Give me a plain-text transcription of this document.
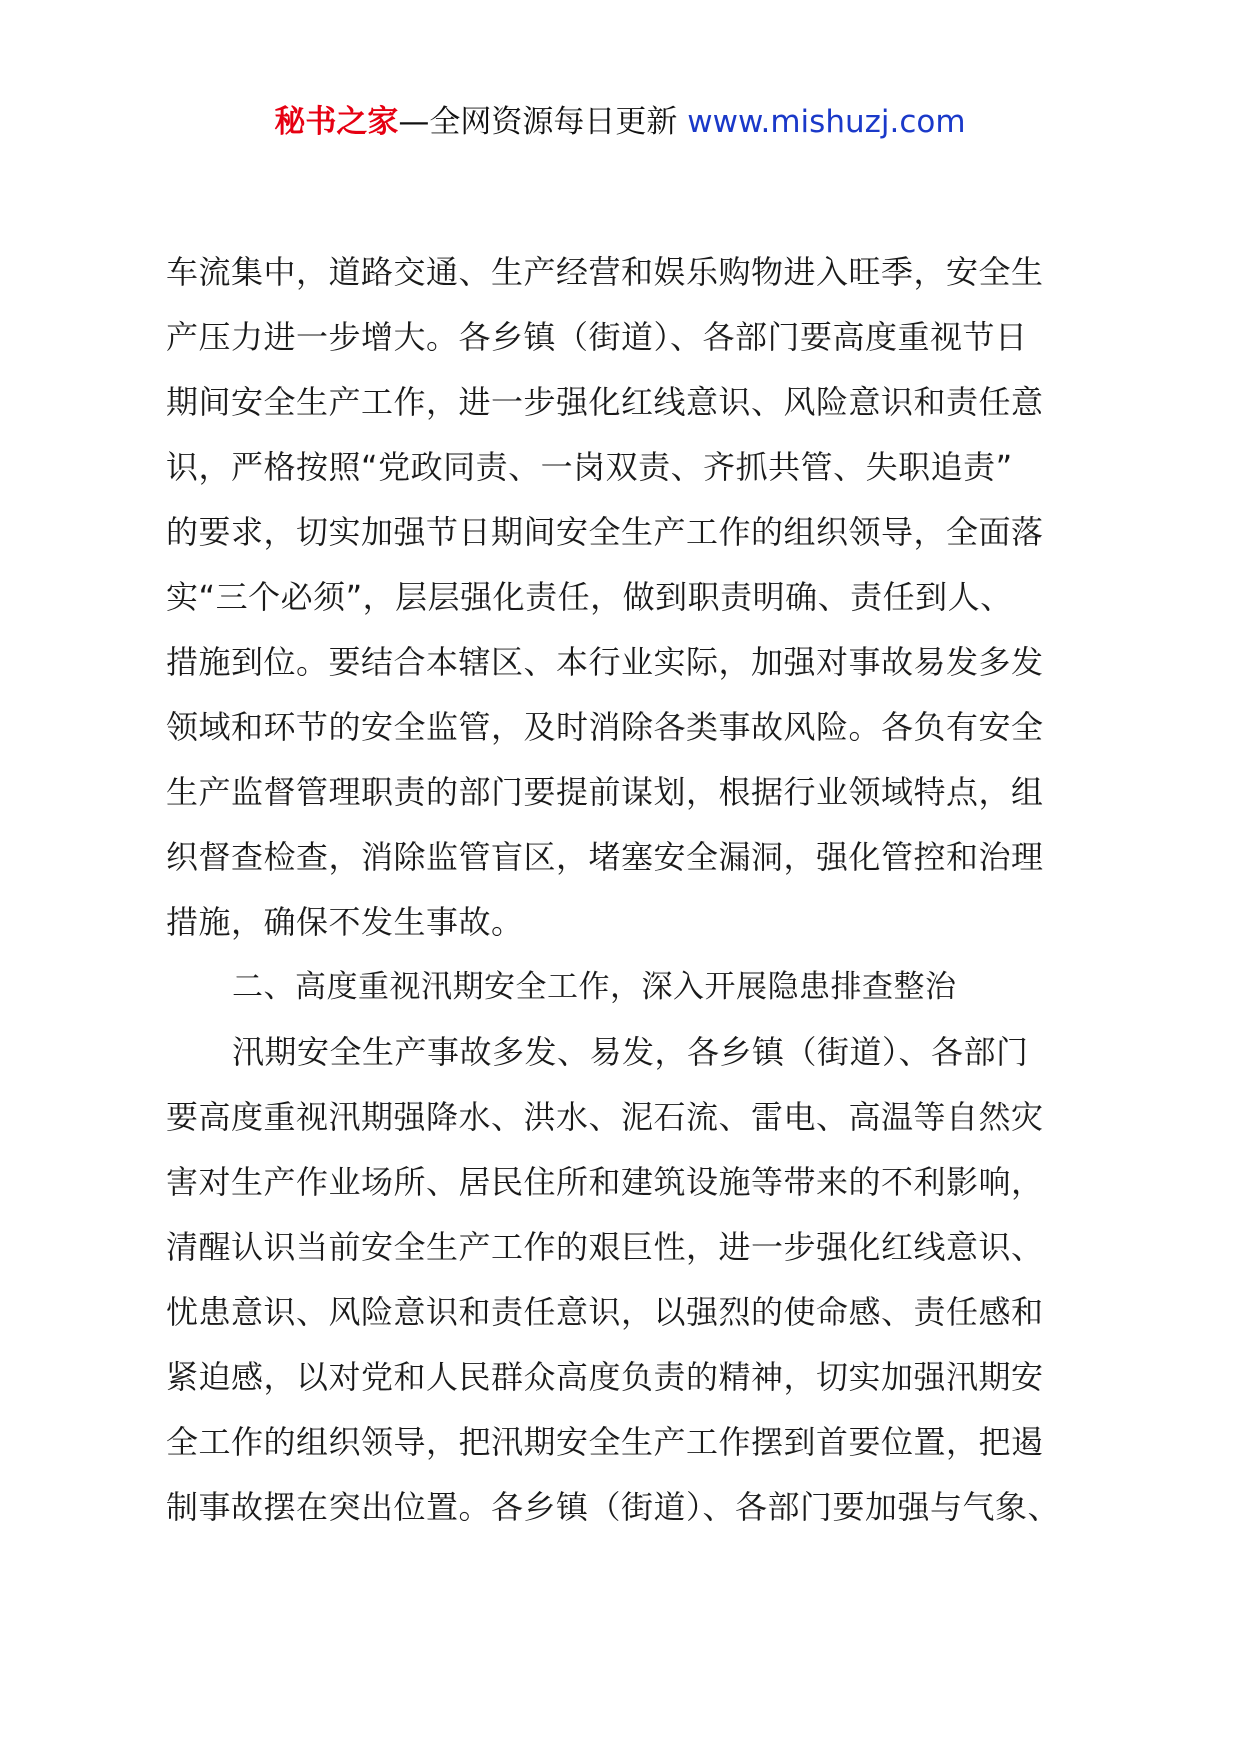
秘书之家—全网资源每日更新 www.mishuzj.com
车流集中，道路交通、生产经营和娱乐购物进入旺季，安全生
产压力进一步增大。各乡镇（街道）、各部门要高度重视节日
期间安全生产工作，进一步强化红线意识、风险意识和责任意
识，严格按照“党政同责、一岗双责、齐抓共管、失职追责”
的要求，切实加强节日期间安全生产工作的组织领导，全面落
实“三个必须”，层层强化责任，做到职责明确、责任到人、
措施到位。要结合本辖区、本行业实际，加强对事故易发多发
领域和环节的安全监管，及时消除各类事故风险。各负有安全
生产监督管理职责的部门要提前谋划，根据行业领域特点，组
织督查检查，消除监管盲区，堵塞安全漏洞，强化管控和治理
措施，确保不发生事故。
二、高度重视汛期安全工作，深入开展隐患排查整治
汛期安全生产事故多发、易发，各乡镇（街道）、各部门
要高度重视汛期强降水、洪水、泥石流、雷电、高温等自然灾
害对生产作业场所、居民住所和建筑设施等带来的不利影响，
清醒认识当前安全生产工作的艰巨性，进一步强化红线意识、
忧患意识、风险意识和责任意识，以强烈的使命感、责任感和
紧迫感，以对党和人民群众高度负责的精神，切实加强汛期安
全工作的组织领导，把汛期安全生产工作摆到首要位置，把遏
制事故摆在突出位置。各乡镇（街道）、各部门要加强与气象、
